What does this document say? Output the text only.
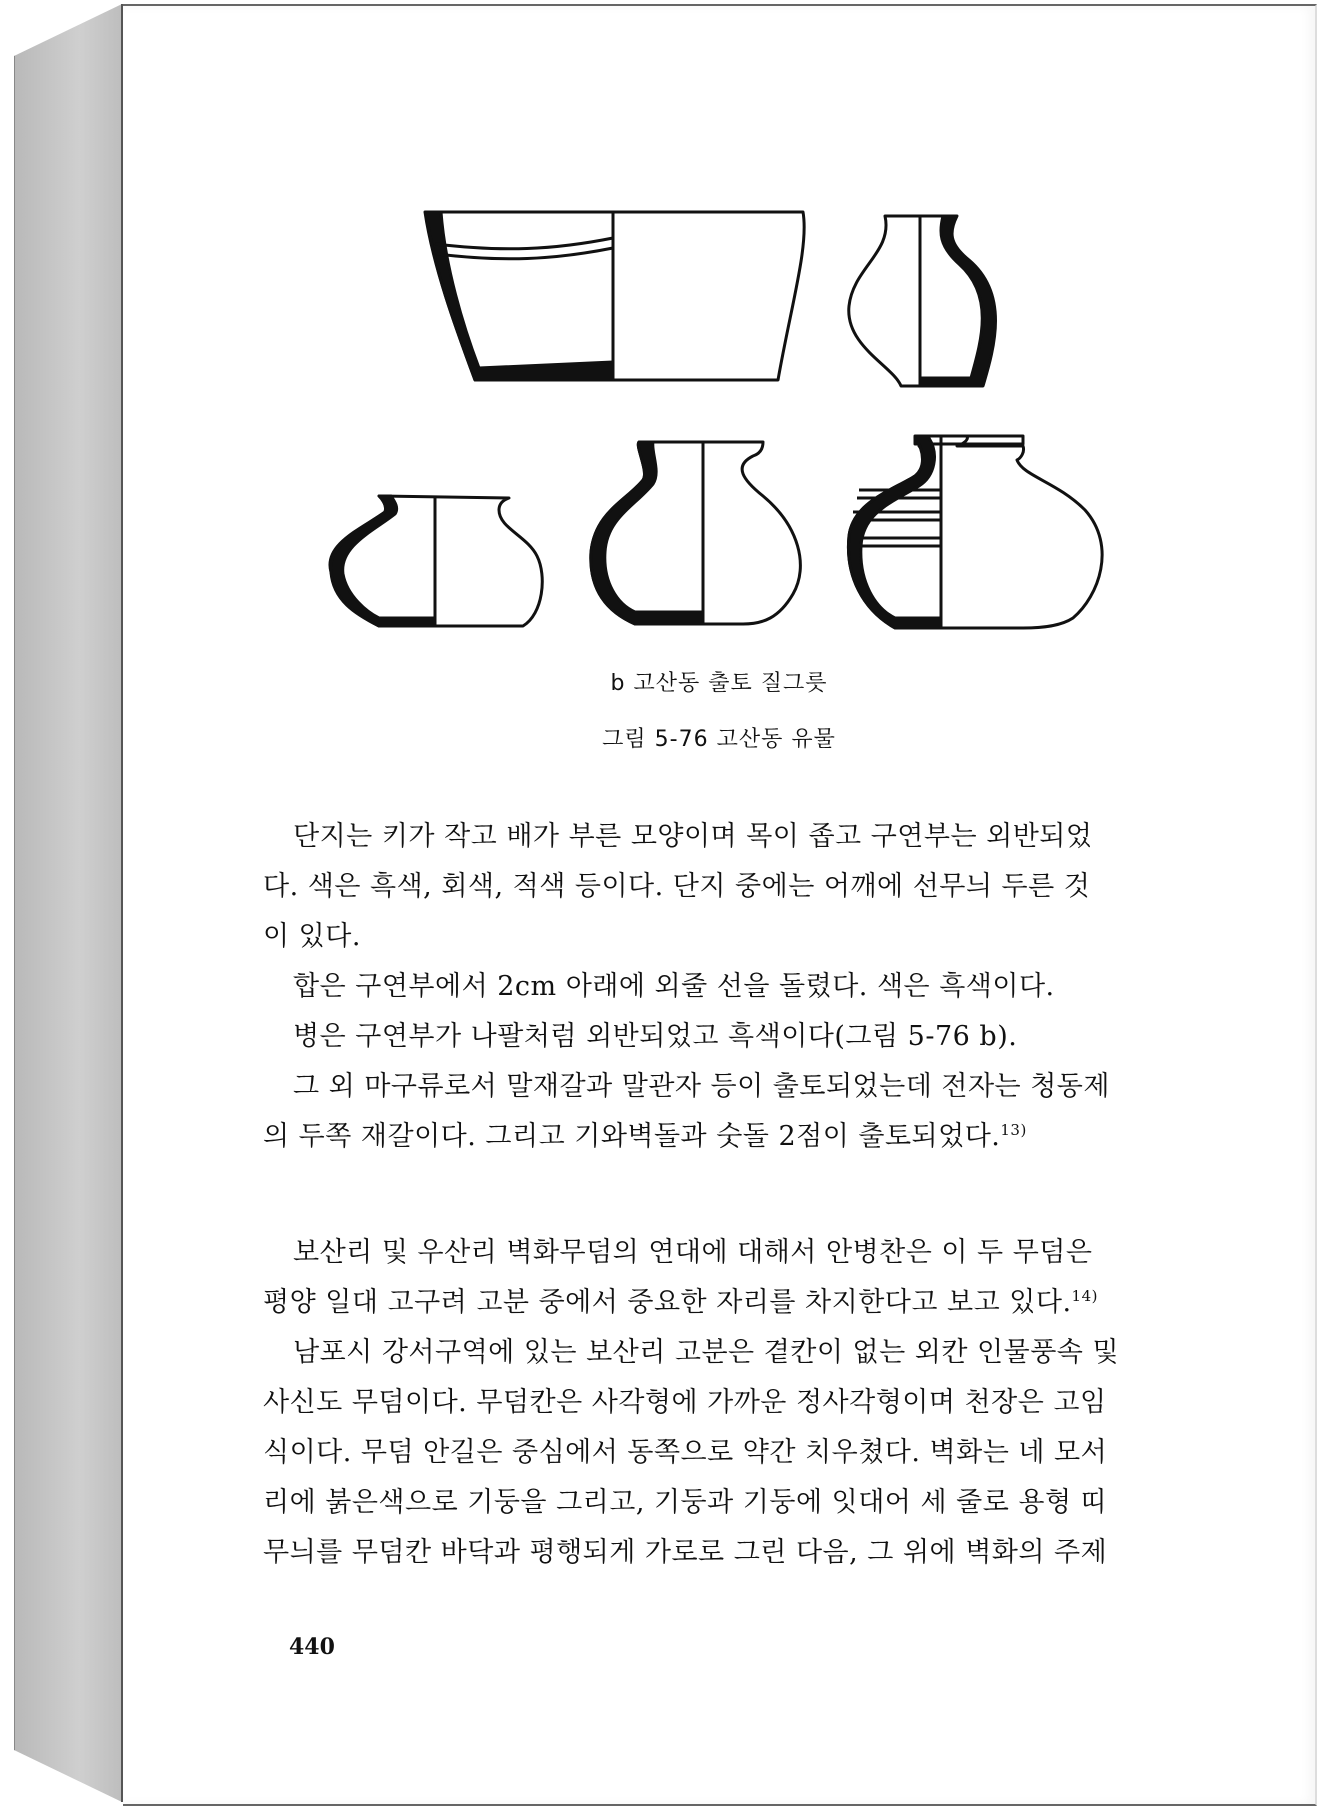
b 고산동 출토 질그릇
그림 5-76 고산동 유물

단지는 키가 작고 배가 부른 모양이며 목이 좁고 구연부는 외반되었
다. 색은 흑색, 회색, 적색 등이다. 단지 중에는 어깨에 선무늬 두른 것
이 있다.

합은 구연부에서 2cm 아래에 외줄 선을 돌렸다. 색은 흑색이다.

병은 구연부가 나팔처럼 외반되었고 흑색이다(그림 5-76 b).

그 외 마구류로서 말재갈과 말관자 등이 출토되었는데 전자는 청동제
의 두쪽 재갈이다. 그리고 기와벽돌과 숫돌 2점이 출토되었다.$^{13)}$

보산리 및 우산리 벽화무덤의 연대에 대해서 안병찬은 이 두 무덤은
평양 일대 고구려 고분 중에서 중요한 자리를 차지한다고 보고 있다.$^{14)}$

남포시 강서구역에 있는 보산리 고분은 곁칸이 없는 외칸 인물풍속 및
사신도 무덤이다. 무덤칸은 사각형에 가까운 정사각형이며 천장은 고임
식이다. 무덤 안길은 중심에서 동쪽으로 약간 치우쳤다. 벽화는 네 모서
리에 붉은색으로 기둥을 그리고, 기둥과 기둥에 잇대어 세 줄로 용형 띠
무늬를 무덤칸 바닥과 평행되게 가로로 그린 다음, 그 위에 벽화의 주제

440
